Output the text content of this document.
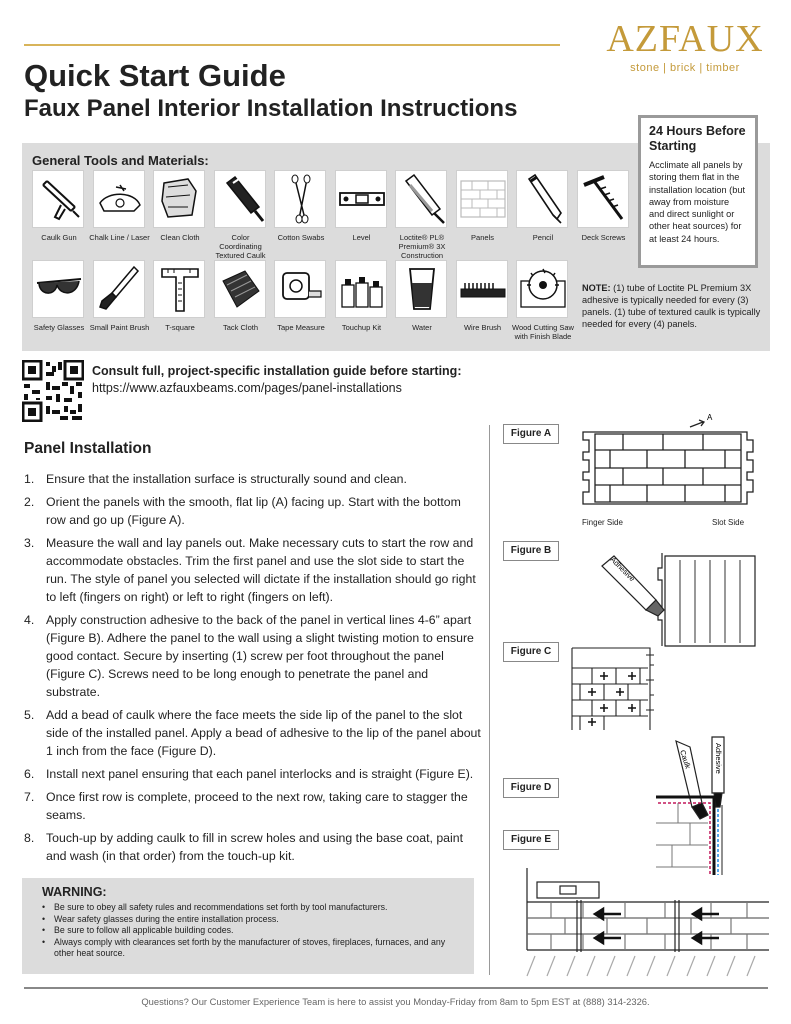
AZFAUX
stone | brick | timber
Quick Start Guide
Faux Panel Interior Installation Instructions
General Tools and Materials:
Caulk Gun	Chalk Line / Laser	Clean Cloth	Color Coordinating Textured Caulk
Cotton Swabs	Level	Loctite® PL® Premium® 3X Construction
Panels	Pencil	Deck Screws
Safety Glasses Small Paint Brush	T-square	Tack Cloth	Tape Measure	Touchup Kit	Water	Wire Brush	Wood Cutting Saw with Finish Blade
24 Hours Before Starting
Acclimate all panels by storing them flat in the installation location (but away from moisture and direct sunlight or other heat sources) for at least 24 hours.
NOTE: (1) tube of Loctite PL Premium 3X adhesive is typically needed for every (3) panels. (1) tube of textured caulk is typically needed for every (4) panels.
Consult full, project-specific installation guide before starting:
https://www.azfauxbeams.com/pages/panel-installations
Panel Installation
1. Ensure that the installation surface is structurally sound and clean.
2. Orient the panels with the smooth, flat lip (A) facing up. Start with the bottom row and go up (Figure A).
3. Measure the wall and lay panels out. Make necessary cuts to start the row and accommodate obstacles. Trim the first panel and use the slot side to start the run. The style of panel you selected will dictate if the installation should go right to left (fingers on right) or left to right (fingers on left).
4. Apply construction adhesive to the back of the panel in vertical lines 4-6” apart (Figure B). Adhere the panel to the wall using a slight twisting motion to ensure good contact. Secure by inserting (1) screw per foot throughout the panel (Figure C). Screws need to be long enough to penetrate the panel and substrate.
5. Add a bead of caulk where the face meets the side lip of the panel to the slot side of the installed panel. Apply a bead of adhesive to the lip of the panel about 1 inch from the face (Figure D).
6. Install next panel ensuring that each panel interlocks and is straight (Figure E).
7. Once first row is complete, proceed to the next row, taking care to stagger the seams.
8. Touch-up by adding caulk to fill in screw holes and using the base coat, paint and wash (in that order) from the touch-up kit.
Figure A
A
Finger Side	Slot Side
Figure B
Adhesive
Figure C
Figure D
Caulk	Adhesive
Figure E
WARNING:
•	Be sure to obey all safety rules and recommendations set forth by tool manufacturers.
•	Wear safety glasses during the entire installation process.
•	Be sure to follow all applicable building codes.
•	Always comply with clearances set forth by the manufacturer of stoves, fireplaces, furnaces, and any other heat source.
Questions? Our Customer Experience Team is here to assist you Monday-Friday from 8am to 5pm EST at (888) 314-2326.
